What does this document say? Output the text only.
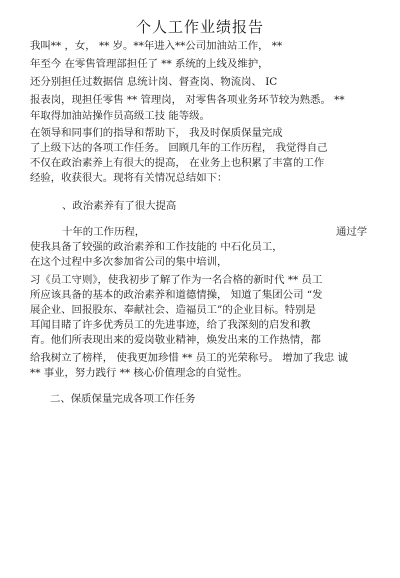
个人工作业绩报告
我叫** ，女， ** 岁。**年进入**公司加油站工作， **
年至今 在零售管理部担任了 ** 系统的上线及维护，
还分别担任过数据信 息统计岗、督查岗、物流岗、 IC
报表岗，现担任零售 ** 管理岗， 对零售各项业务环节较为熟悉。 **
年取得加油站操作员高级工技 能等级。
在领导和同事们的指导和帮助下， 我及时保质保量完成
了上级下达的各项工作任务。 回顾几年的工作历程， 我觉得自己
不仅在政治素养上有很大的提高， 在业务上也积累了丰富的工作
经验，收获很大。现将有关情况总结如下：
、政治素养有了很大提高
十年的工作历程，	通过学
使我具备了较强的政治素养和工作技能的 中石化员工，
在这个过程中多次参加省公司的集中培训，
习《员工守则》，使我初步了解了作为一名合格的新时代 ** 员工
所应该具备的基本的政治素养和道德情操， 知道了集团公司 “发
展企业、回报股东、奉献社会、造福员工”的企业目标。特别是
耳闻目睹了许多优秀员工的先进事迹，给了我深刻的启发和教
育。他们所表现出来的爱岗敬业精神，焕发出来的工作热情，都
给我树立了榜样， 使我更加珍惜 ** 员工的光荣称号。 增加了我忠 诚
** 事业，努力践行 ** 核心价值理念的自觉性。
二、保质保量完成各项工作任务
